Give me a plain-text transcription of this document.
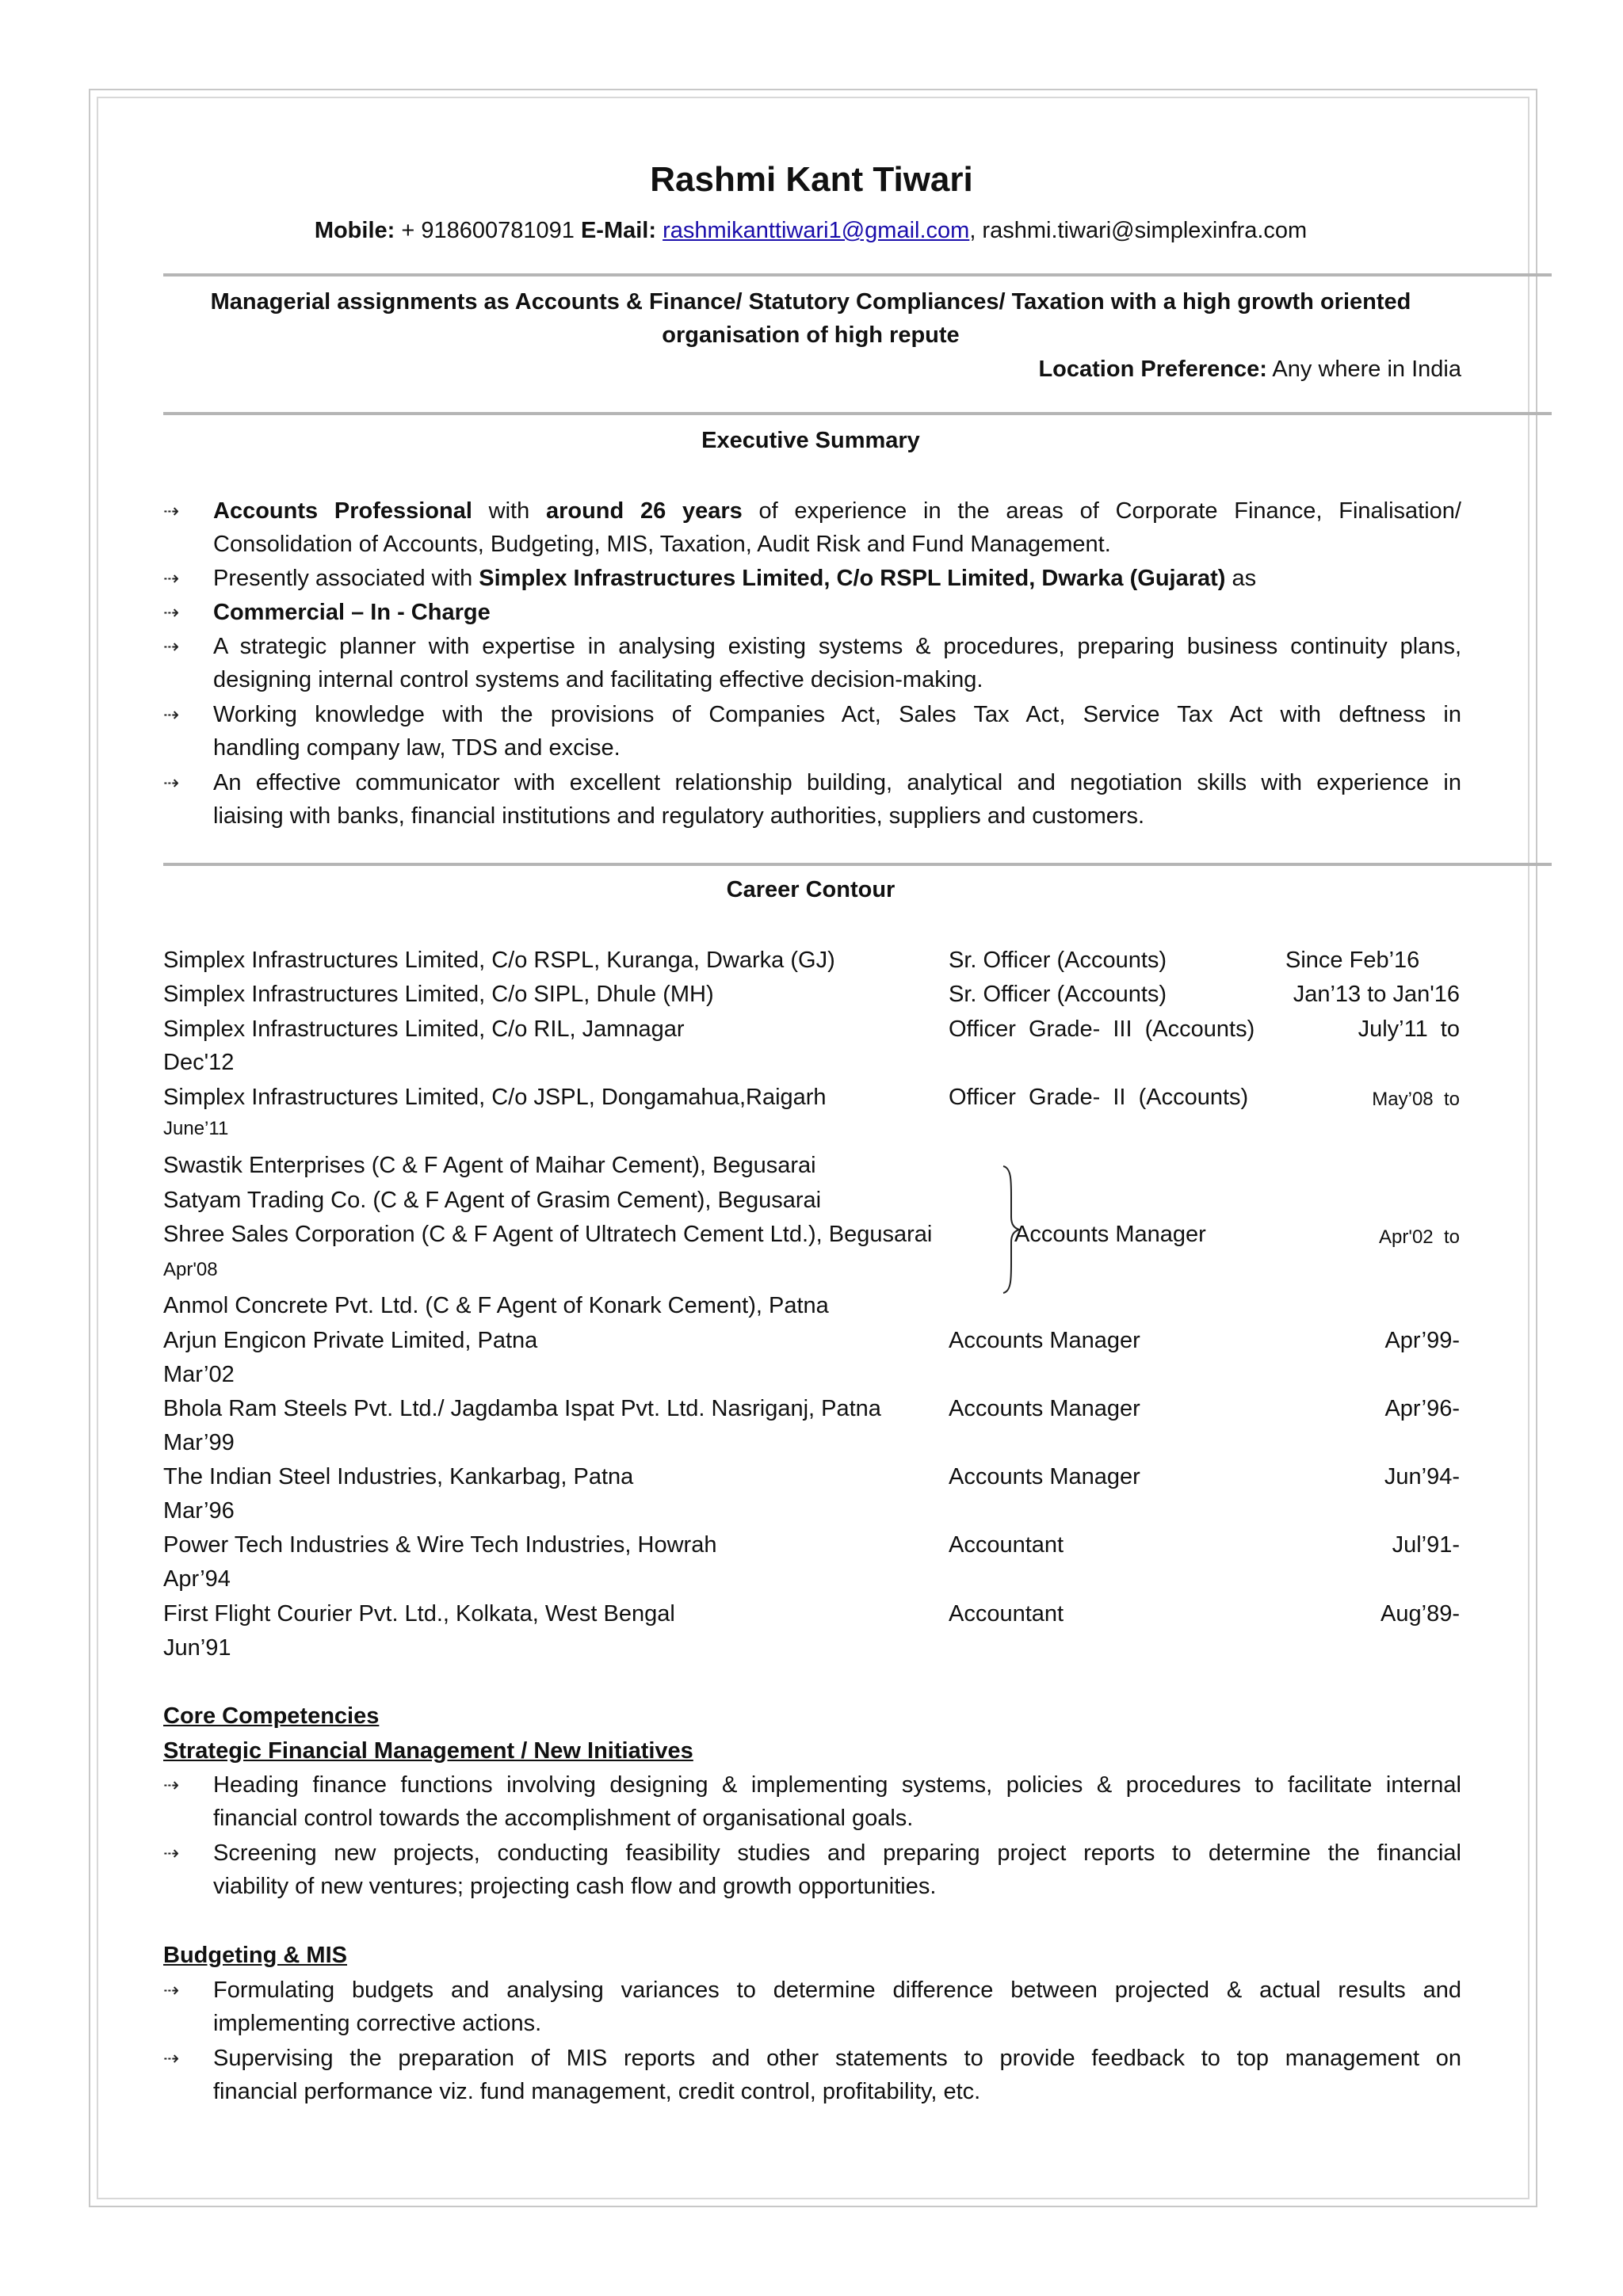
Rashmi Kant Tiwari
Mobile: + 918600781091 E-Mail: rashmikanttiwari1@gmail.com, rashmi.tiwari@simplexinfra.com
Managerial assignments as Accounts & Finance/ Statutory Compliances/ Taxation with a high growth oriented
organisation of high repute
Location Preference: Any where in India
Executive Summary
⇢ Accounts Professional with around 26 years of experience in the areas of Corporate Finance, Finalisation/
Consolidation of Accounts, Budgeting, MIS, Taxation, Audit Risk and Fund Management.
⇢ Presently associated with Simplex Infrastructures Limited, C/o RSPL Limited, Dwarka (Gujarat) as
⇢ Commercial – In - Charge
⇢ A strategic planner with expertise in analysing existing systems & procedures, preparing business continuity plans,
designing internal control systems and facilitating effective decision-making.
⇢ Working knowledge with the provisions of Companies Act, Sales Tax Act, Service Tax Act with deftness in
handling company law, TDS and excise.
⇢ An effective communicator with excellent relationship building, analytical and negotiation skills with experience in
liaising with banks, financial institutions and regulatory authorities, suppliers and customers.
Career Contour
Simplex Infrastructures Limited, C/o RSPL, Kuranga, Dwarka (GJ)	Sr. Officer (Accounts)	Since Feb’16
Simplex Infrastructures Limited, C/o SIPL, Dhule (MH)	Sr. Officer (Accounts)	Jan’13 to Jan'16
Simplex Infrastructures Limited, C/o RIL, Jamnagar	Officer  Grade-  III  (Accounts)	July’11  to
Dec'12
Simplex Infrastructures Limited, C/o JSPL, Dongamahua,Raigarh	Officer  Grade-  II  (Accounts)	May’08  to
June’11
Swastik Enterprises (C & F Agent of Maihar Cement), Begusarai
Satyam Trading Co. (C & F Agent of Grasim Cement), Begusarai
Shree Sales Corporation (C & F Agent of Ultratech Cement Ltd.), Begusarai	Accounts Manager	Apr'02  to
Apr'08
Anmol Concrete Pvt. Ltd. (C & F Agent of Konark Cement), Patna
Arjun Engicon Private Limited, Patna	Accounts Manager	Apr’99-
Mar’02
Bhola Ram Steels Pvt. Ltd./ Jagdamba Ispat Pvt. Ltd. Nasriganj, Patna	Accounts Manager	Apr’96-
Mar’99
The Indian Steel Industries, Kankarbag, Patna	Accounts Manager	Jun’94-
Mar’96
Power Tech Industries & Wire Tech Industries, Howrah	Accountant	Jul’91-
Apr’94
First Flight Courier Pvt. Ltd., Kolkata, West Bengal	Accountant	Aug’89-
Jun’91
Core Competencies
Strategic Financial Management / New Initiatives
⇢ Heading finance functions involving designing & implementing systems, policies & procedures to facilitate internal
financial control towards the accomplishment of organisational goals.
⇢ Screening new projects, conducting feasibility studies and preparing project reports to determine the financial
viability of new ventures; projecting cash flow and growth opportunities.
Budgeting & MIS
⇢ Formulating budgets and analysing variances to determine difference between projected & actual results and
implementing corrective actions.
⇢ Supervising the preparation of MIS reports and other statements to provide feedback to top management on
financial performance viz. fund management, credit control, profitability, etc.
